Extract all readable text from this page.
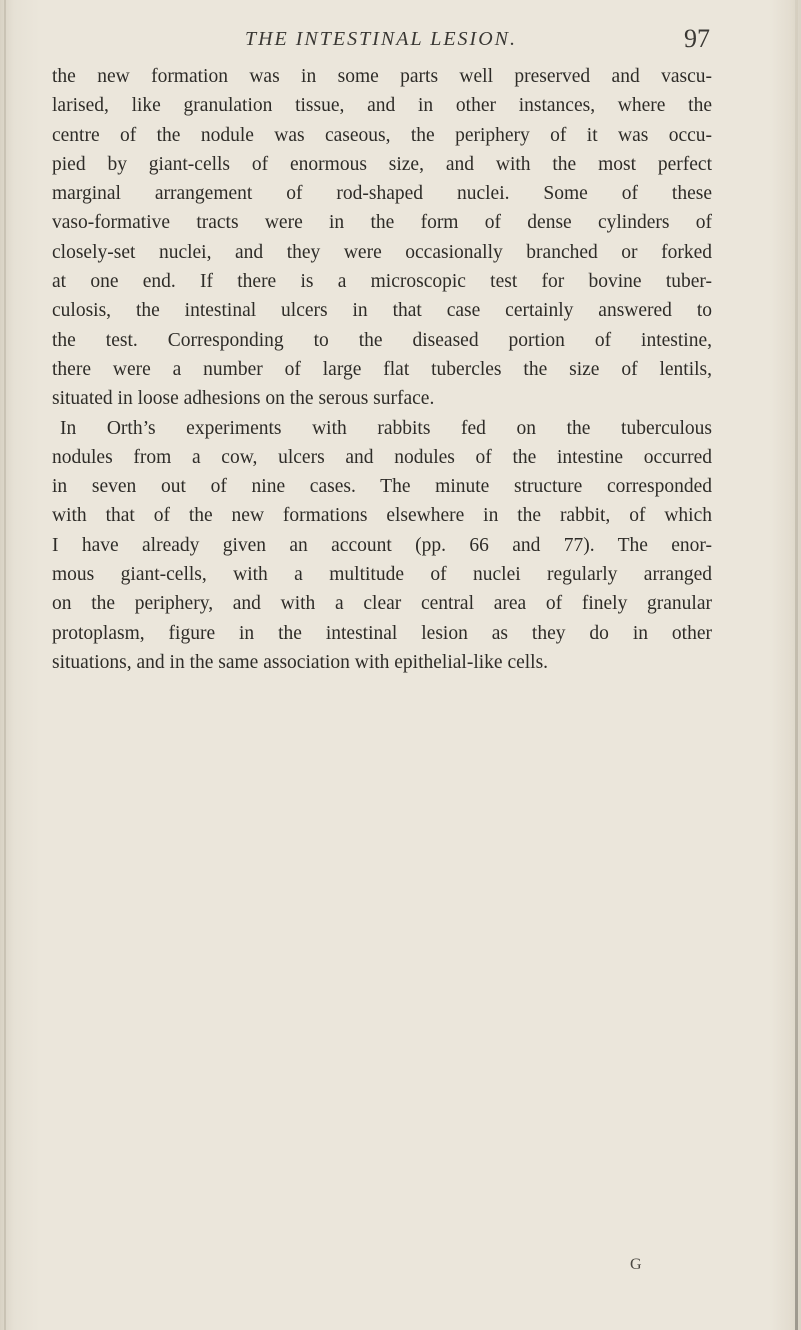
THE INTESTINAL LESION.	97
the new formation was in some parts well preserved and vascu-
larised, like granulation tissue, and in other instances, where the
centre of the nodule was caseous, the periphery of it was occu-
pied by giant-cells of enormous size, and with the most perfect
marginal arrangement of rod-shaped nuclei. Some of these
vaso-formative tracts were in the form of dense cylinders of
closely-set nuclei, and they were occasionally branched or forked
at one end. If there is a microscopic test for bovine tuber-
culosis, the intestinal ulcers in that case certainly answered to
the test. Corresponding to the diseased portion of intestine,
there were a number of large flat tubercles the size of lentils,
situated in loose adhesions on the serous surface.
In Orth’s experiments with rabbits fed on the tuberculous
nodules from a cow, ulcers and nodules of the intestine occurred
in seven out of nine cases. The minute structure corresponded
with that of the new formations elsewhere in the rabbit, of which
I have already given an account (pp. 66 and 77). The enor-
mous giant-cells, with a multitude of nuclei regularly arranged
on the periphery, and with a clear central area of finely granular
protoplasm, figure in the intestinal lesion as they do in other
situations, and in the same association with epithelial-like cells.
G
